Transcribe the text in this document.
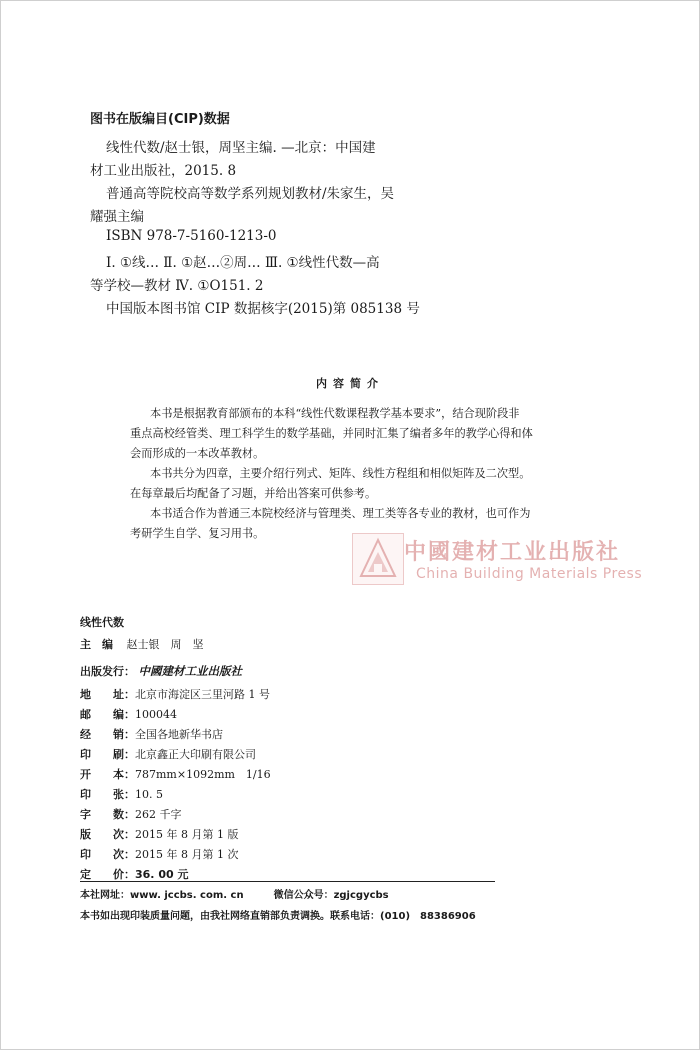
图书在版编目(CIP)数据
线性代数/赵士银，周坚主编. —北京：中国建
材工业出版社，2015. 8
普通高等院校高等数学系列规划教材/朱家生，吴
耀强主编
ISBN 978-7-5160-1213-0
Ⅰ. ①线… Ⅱ. ①赵…②周… Ⅲ. ①线性代数—高
等学校—教材 Ⅳ. ①O151. 2
中国版本图书馆 CIP 数据核字(2015)第 085138 号
内容简介
本书是根据教育部颁布的本科“线性代数课程教学基本要求”，结合现阶段非
重点高校经管类、理工科学生的数学基础，并同时汇集了编者多年的教学心得和体
会而形成的一本改革教材。
本书共分为四章，主要介绍行列式、矩阵、线性方程组和相似矩阵及二次型。
在每章最后均配备了习题，并给出答案可供参考。
本书适合作为普通三本院校经济与管理类、理工类等各专业的教材，也可作为
考研学生自学、复习用书。
中國建材工业出版社
China Building Materials Press
线性代数
主　编 赵士银　周　坚
出版发行： 中國建材工业出版社
地　　址：北京市海淀区三里河路 1 号
邮　　编：100044
经　　销：全国各地新华书店
印　　刷：北京鑫正大印刷有限公司
开　　本：787mm×1092mm　1/16
印　　张：10. 5
字　　数：262 千字
版　　次：2015 年 8 月第 1 版
印　　次：2015 年 8 月第 1 次
定　　价：36. 00 元
本社网址：www. jccbs. com. cn　　　微信公众号：zgjcgycbs
本书如出现印装质量问题，由我社网络直销部负责调换。联系电话：(010)　88386906
